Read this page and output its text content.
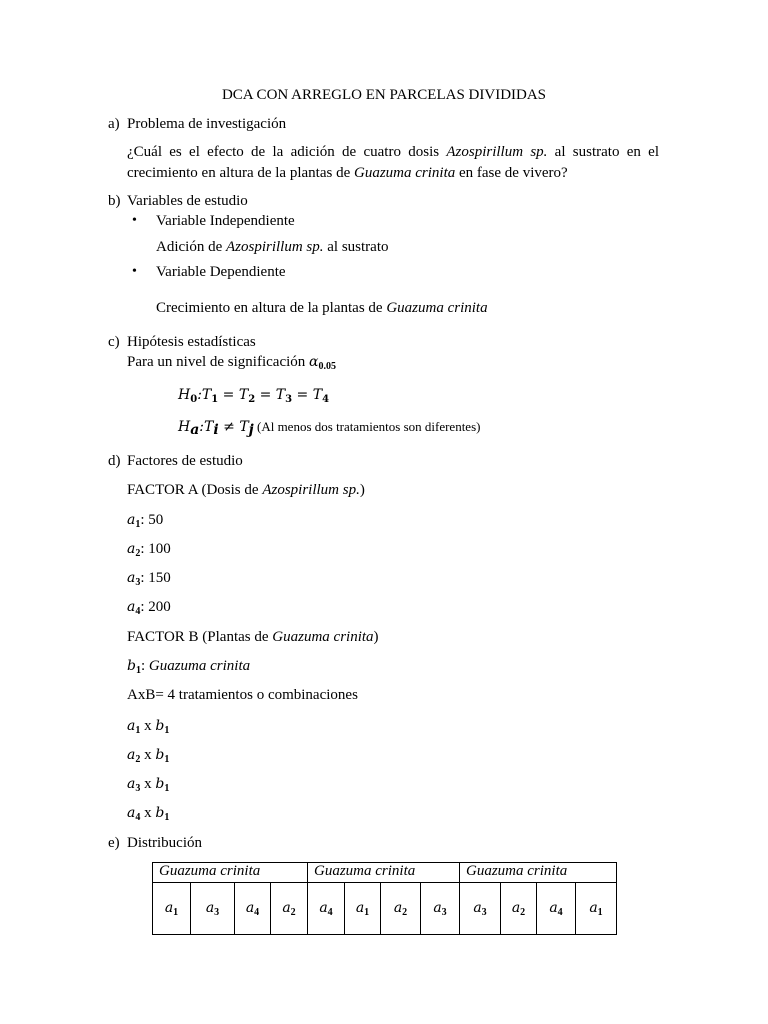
DCA CON ARREGLO EN PARCELAS DIVIDIDAS
a) Problema de investigación
¿Cuál es el efecto de la adición de cuatro dosis Azospirillum sp. al sustrato en el crecimiento en altura de la plantas de Guazuma crinita en fase de vivero?
b) Variables de estudio
• Variable Independiente
Adición de Azospirillum sp. al sustrato
• Variable Dependiente
Crecimiento en altura de la plantas de Guazuma crinita
c) Hipótesis estadísticas
Para un nivel de significación $\alpha_{0.05}$
$H_0:T_1 = T_2 = T_3 = T_4$
$H_a:T_i \ne T_j$ (Al menos dos tratamientos son diferentes)
d) Factores de estudio
FACTOR A (Dosis de Azospirillum sp.)
$a_1$: 50
$a_2$: 100
$a_3$: 150
$a_4$: 200
FACTOR B (Plantas de Guazuma crinita)
$b_1$: Guazuma crinita
AxB= 4 tratamientos o combinaciones
$a_1$ x $b_1$
$a_2$ x $b_1$
$a_3$ x $b_1$
$a_4$ x $b_1$
e) Distribución
Guazuma crinita				Guazuma crinita				Guazuma crinita			
$a_1$	$a_3$	$a_4$	$a_2$	$a_4$	$a_1$	$a_2$	$a_3$	$a_3$	$a_2$	$a_4$	$a_1$
